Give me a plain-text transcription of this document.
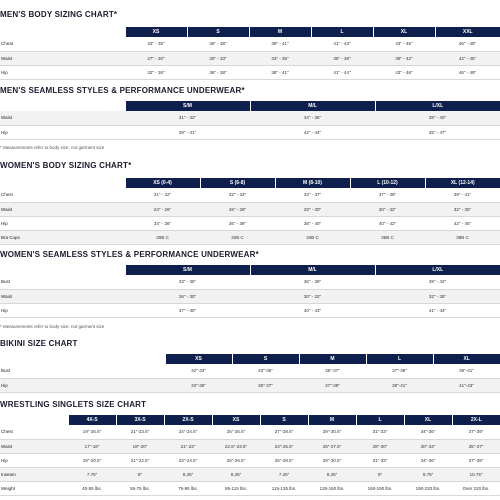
MEN'S BODY SIZING CHART*
	XS	S	M	L	XL	XXL
Cheat	33" - 35"	36" - 38"	39" - 41"	41" - 43"	43" - 46"	46" - 49"
Waist	27" - 30"	30" - 33"	33" - 35"	36" - 38"	39" - 42"	42" - 45"
Hip	32" - 36"	36" - 38"	38" - 41"	41" - 44"	43" - 46"	46" - 49"
MEN'S SEAMLESS STYLES & PERFORMANCE UNDERWEAR*
	S/M	M/L	L/XL
Waist	31" - 32"	34" - 36"	38" - 40"
Hip	39" - 41"	42" - 44"	45" - 47"
* Measurements refer to body size, not garment size
WOMEN'S BODY SIZING CHART*
	XS (0-4)	S (6-8)	M (8-10)	L (10-12)	XL (12-14)
Chest	31" - 32"	32" - 33"	33" - 37"	37" - 39"	39" - 41"
Waist	24" - 26"	26" - 28"	28" - 30"	30" - 32"	32" - 35"
Hip	34" - 36"	36" - 38"	38" - 40"	40" - 42"	42" - 45"
Bra Cups	30B C	32B C	34B C	36B C	38B C
WOMEN'S SEAMLESS STYLES & PERFORMANCE UNDERWEAR*
	S/M	M/L	L/XL
Bust	33" - 35"	36" - 39"	39" - 42"
Waist	26" - 30"	30" - 32"	32" - 35"
Hip	37" - 40"	40" - 43"	41" - 44"
* Measurements refer to body size, not garment size
BIKINI SIZE CHART
	XS	S	M	L	XL
Bust	32"-33"	33"-35"	35"-37"	37"-39"	39"-41"
Hip	33"-35"	35"-37"	37"-39"	39"-41"	41"-43"
WRESTLING SINGLETS SIZE CHART
	4X-S	3X-S	2X-S	XS	S	M	L	XL	2X-L
Chest	19"-26.5"	21"-23.5"	24"-24.5"	25"-26.5"	27"-28.5"	29"-30.5"	31"-33"	34"-36"	37"-39"
Waist	17"-18"	19"-20"	21"-22"	22.5"-23.5"	24"-25.5"	26"-27.5"	28"-30"	30"-34"	35"-37"
Hip	19"-20.5"	21"-22.5"	23"-24.5"	25"-26.5"	26"-28.5"	29"-30.5"	31"-33"	34"-36"	37"-39"
Inseam	7.75"	8"	8.25"	8.25"	7.25"	8.25"	9"	9.75"	10.75"
Weight	40-55 lbs.	55-75 lbs.	75-95 lbs.	95-115 lbs.	115-135 lbs.	135-160 lbs.	160-190 lbs.	190-220 lbs.	Over 220 lbs.
